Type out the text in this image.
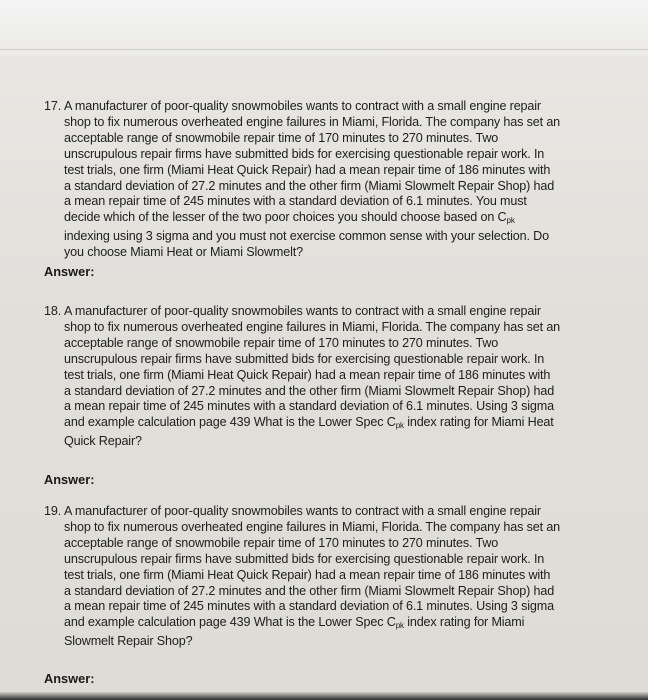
17. A manufacturer of poor-quality snowmobiles wants to contract with a small engine repair
shop to fix numerous overheated engine failures in Miami, Florida. The company has set an
acceptable range of snowmobile repair time of 170 minutes to 270 minutes. Two
unscrupulous repair firms have submitted bids for exercising questionable repair work. In
test trials, one firm (Miami Heat Quick Repair) had a mean repair time of 186 minutes with
a standard deviation of 27.2 minutes and the other firm (Miami Slowmelt Repair Shop) had
a mean repair time of 245 minutes with a standard deviation of 6.1 minutes. You must
decide which of the lesser of the two poor choices you should choose based on $C_{pk}$
indexing using 3 sigma and you must not exercise common sense with your selection. Do
you choose Miami Heat or Miami Slowmelt?
Answer:
18. A manufacturer of poor-quality snowmobiles wants to contract with a small engine repair
shop to fix numerous overheated engine failures in Miami, Florida. The company has set an
acceptable range of snowmobile repair time of 170 minutes to 270 minutes. Two
unscrupulous repair firms have submitted bids for exercising questionable repair work. In
test trials, one firm (Miami Heat Quick Repair) had a mean repair time of 186 minutes with
a standard deviation of 27.2 minutes and the other firm (Miami Slowmelt Repair Shop) had
a mean repair time of 245 minutes with a standard deviation of 6.1 minutes. Using 3 sigma
and example calculation page 439 What is the Lower Spec $C_{pk}$ index rating for Miami Heat
Quick Repair?
Answer:
19. A manufacturer of poor-quality snowmobiles wants to contract with a small engine repair
shop to fix numerous overheated engine failures in Miami, Florida. The company has set an
acceptable range of snowmobile repair time of 170 minutes to 270 minutes. Two
unscrupulous repair firms have submitted bids for exercising questionable repair work. In
test trials, one firm (Miami Heat Quick Repair) had a mean repair time of 186 minutes with
a standard deviation of 27.2 minutes and the other firm (Miami Slowmelt Repair Shop) had
a mean repair time of 245 minutes with a standard deviation of 6.1 minutes. Using 3 sigma
and example calculation page 439 What is the Lower Spec $C_{pk}$ index rating for Miami
Slowmelt Repair Shop?
Answer:
